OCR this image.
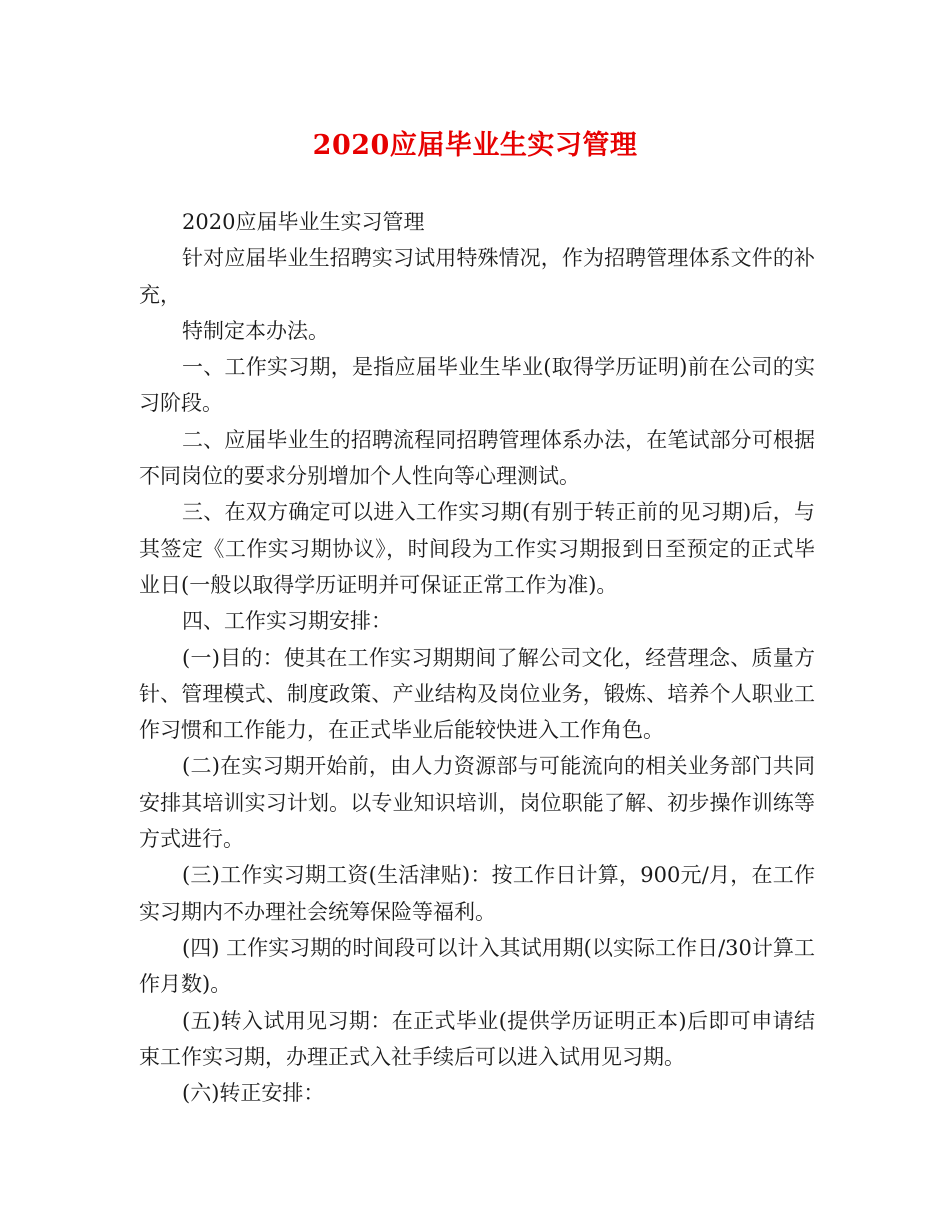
2020应届毕业生实习管理

2020应届毕业生实习管理

针对应届毕业生招聘实习试用特殊情况，作为招聘管理体系文件的补充，

特制定本办法。

一、工作实习期，是指应届毕业生毕业(取得学历证明)前在公司的实习阶段。

二、应届毕业生的招聘流程同招聘管理体系办法，在笔试部分可根据不同岗位的要求分别增加个人性向等心理测试。

三、在双方确定可以进入工作实习期(有别于转正前的见习期)后，与其签定《工作实习期协议》，时间段为工作实习期报到日至预定的正式毕业日(一般以取得学历证明并可保证正常工作为准)。

四、工作实习期安排：

(一)目的：使其在工作实习期期间了解公司文化，经营理念、质量方针、管理模式、制度政策、产业结构及岗位业务，锻炼、培养个人职业工作习惯和工作能力，在正式毕业后能较快进入工作角色。

(二)在实习期开始前，由人力资源部与可能流向的相关业务部门共同安排其培训实习计划。以专业知识培训，岗位职能了解、初步操作训练等方式进行。

(三)工作实习期工资(生活津贴)：按工作日计算，900元/月，在工作实习期内不办理社会统筹保险等福利。

(四) 工作实习期的时间段可以计入其试用期(以实际工作日/30计算工作月数)。

(五)转入试用见习期：在正式毕业(提供学历证明正本)后即可申请结束工作实习期，办理正式入社手续后可以进入试用见习期。

(六)转正安排：
